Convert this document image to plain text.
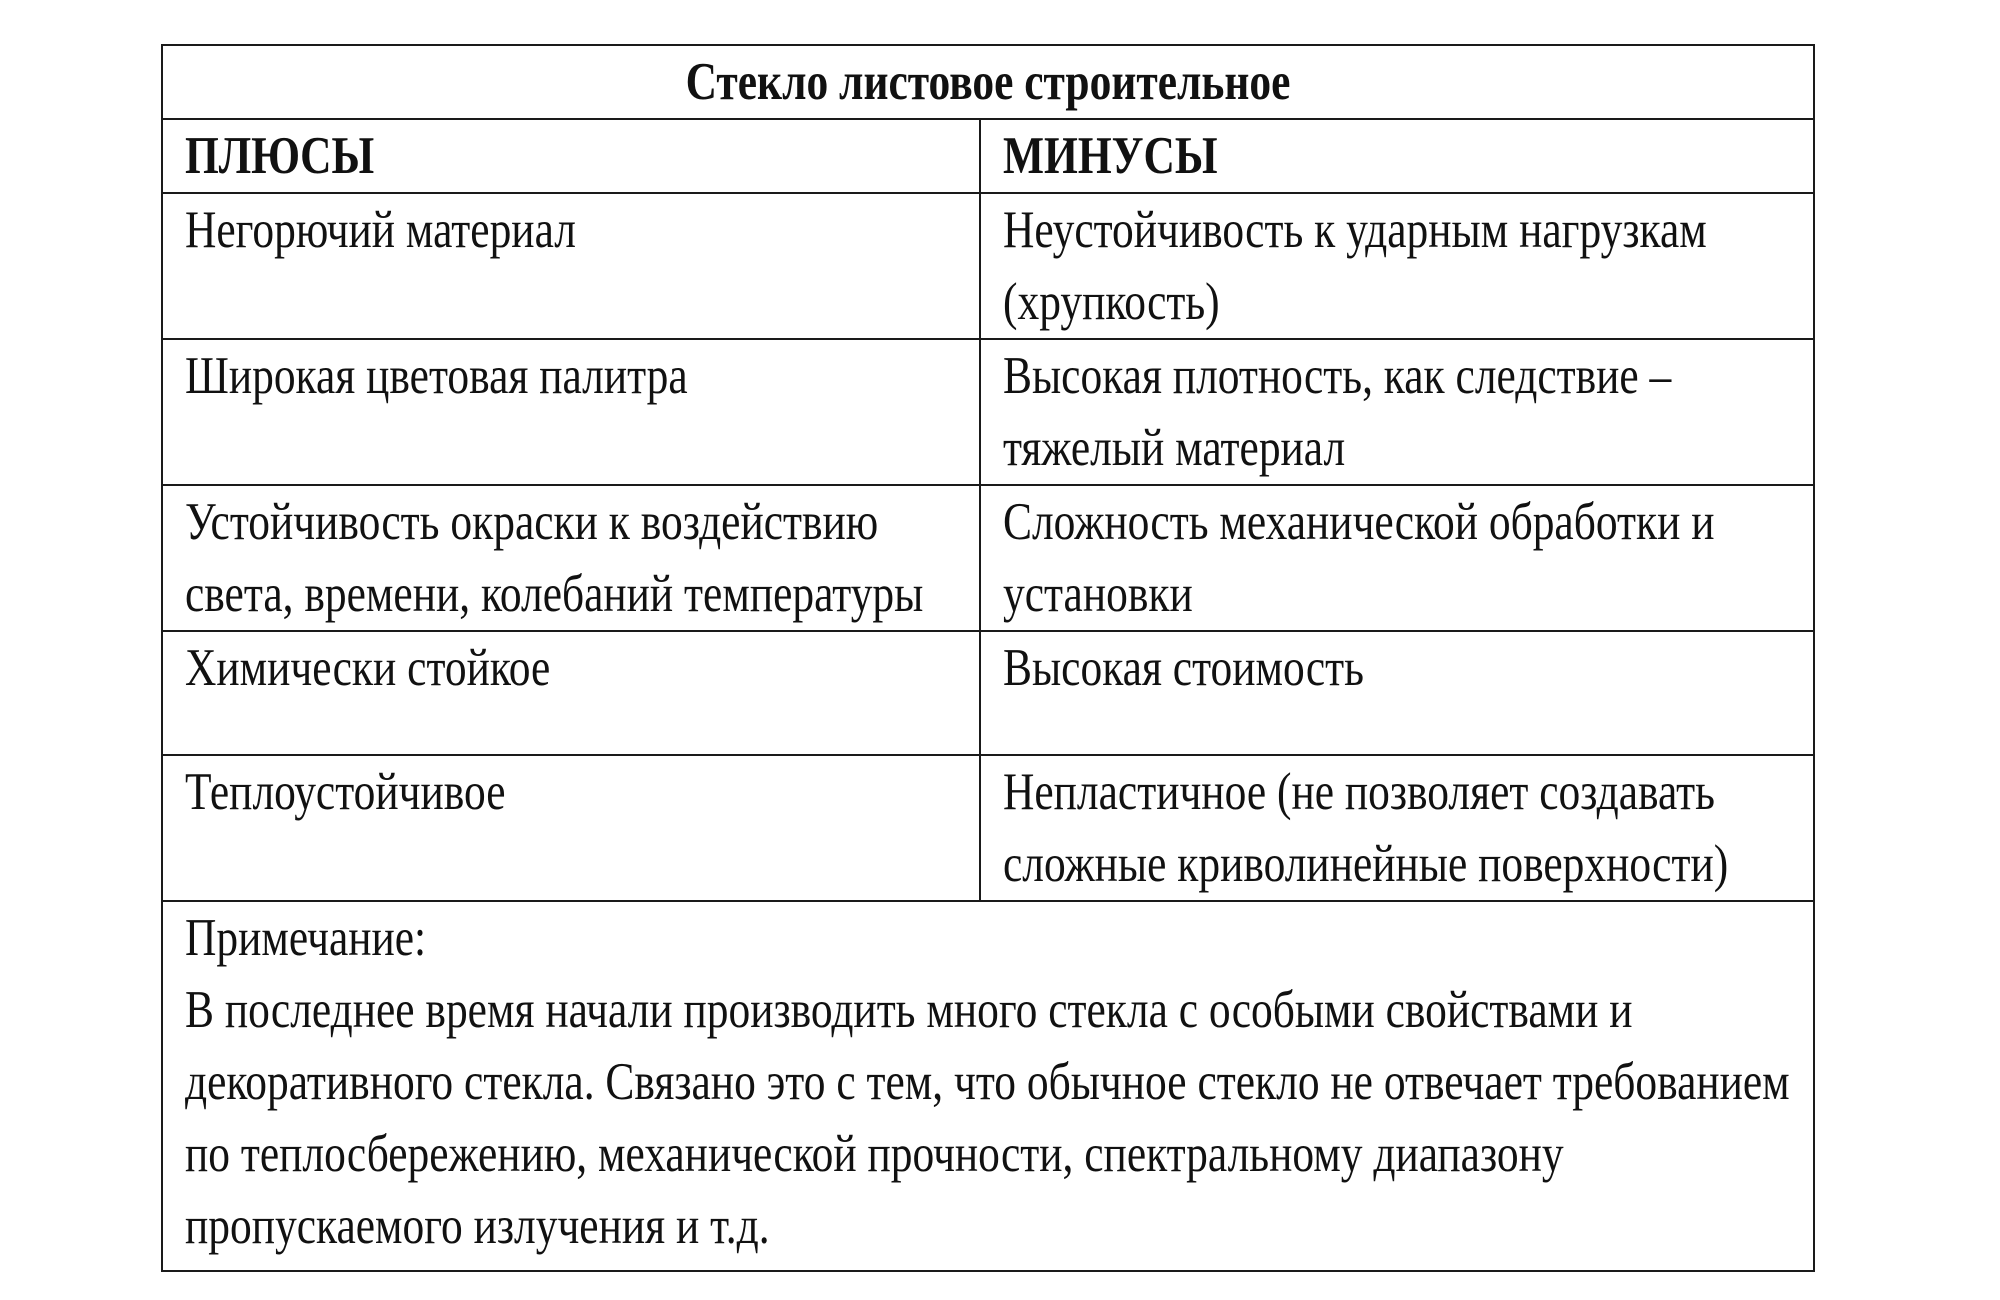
Стекло листовое строительное	

ПЛЮСЫ	МИНУСЫ

Негорючий материал	Неустойчивость к ударным нагрузкам
(хрупкость)

Широкая цветовая палитра	Высокая плотность, как следствие –
тяжелый материал

Устойчивость окраски к воздействию
света, времени, колебаний температуры	Сложность механической обработки и
установки

Химически стойкое	Высокая стоимость

Теплоустойчивое	Непластичное (не позволяет создавать
сложные криволинейные поверхности)

Примечание:
В последнее время начали производить много стекла с особыми свойствами и
декоративного стекла. Связано это с тем, что обычное стекло не отвечает требованием
по теплосбережению, механической прочности, спектральному диапазону
пропускаемого излучения и т.д.	
